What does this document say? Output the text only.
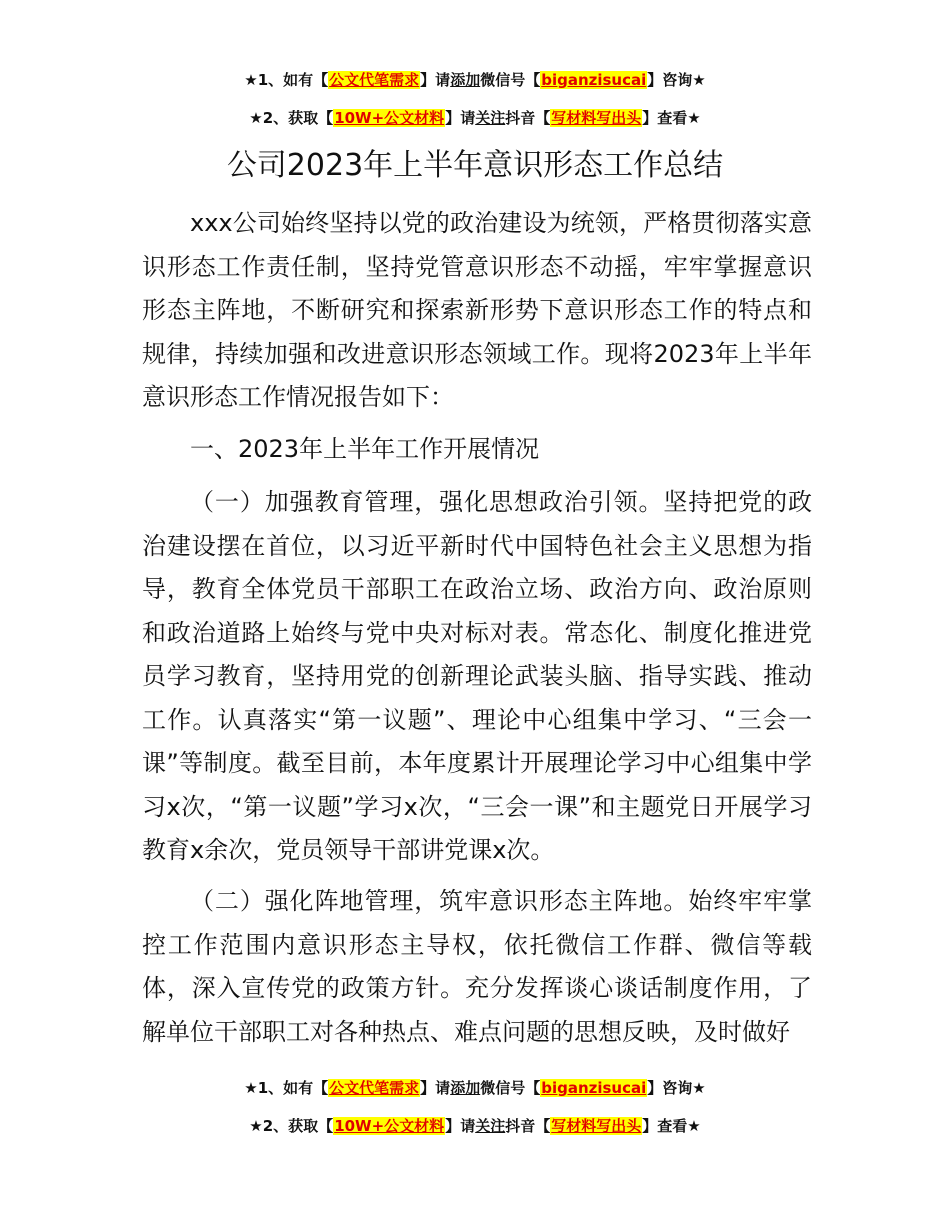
★1、如有【公文代笔需求】请添加微信号【biganzisucai】咨询★
★2、获取【10W+公文材料】请关注抖音【写材料写出头】查看★
公司2023年上半年意识形态工作总结
xxx公司始终坚持以党的政治建设为统领，严格贯彻落实意识形态工作责任制，坚持党管意识形态不动摇，牢牢掌握意识形态主阵地，不断研究和探索新形势下意识形态工作的特点和规律，持续加强和改进意识形态领域工作。现将2023年上半年意识形态工作情况报告如下：
一、2023年上半年工作开展情况
（一）加强教育管理，强化思想政治引领。坚持把党的政治建设摆在首位，以习近平新时代中国特色社会主义思想为指导，教育全体党员干部职工在政治立场、政治方向、政治原则和政治道路上始终与党中央对标对表。常态化、制度化推进党员学习教育，坚持用党的创新理论武装头脑、指导实践、推动工作。认真落实“第一议题”、理论中心组集中学习、“三会一课”等制度。截至目前，本年度累计开展理论学习中心组集中学习x次，“第一议题”学习x次，“三会一课”和主题党日开展学习教育x余次，党员领导干部讲党课x次。
（二）强化阵地管理，筑牢意识形态主阵地。始终牢牢掌控工作范围内意识形态主导权，依托微信工作群、微信等载体，深入宣传党的政策方针。充分发挥谈心谈话制度作用，了解单位干部职工对各种热点、难点问题的思想反映，及时做好
★1、如有【公文代笔需求】请添加微信号【biganzisucai】咨询★
★2、获取【10W+公文材料】请关注抖音【写材料写出头】查看★
